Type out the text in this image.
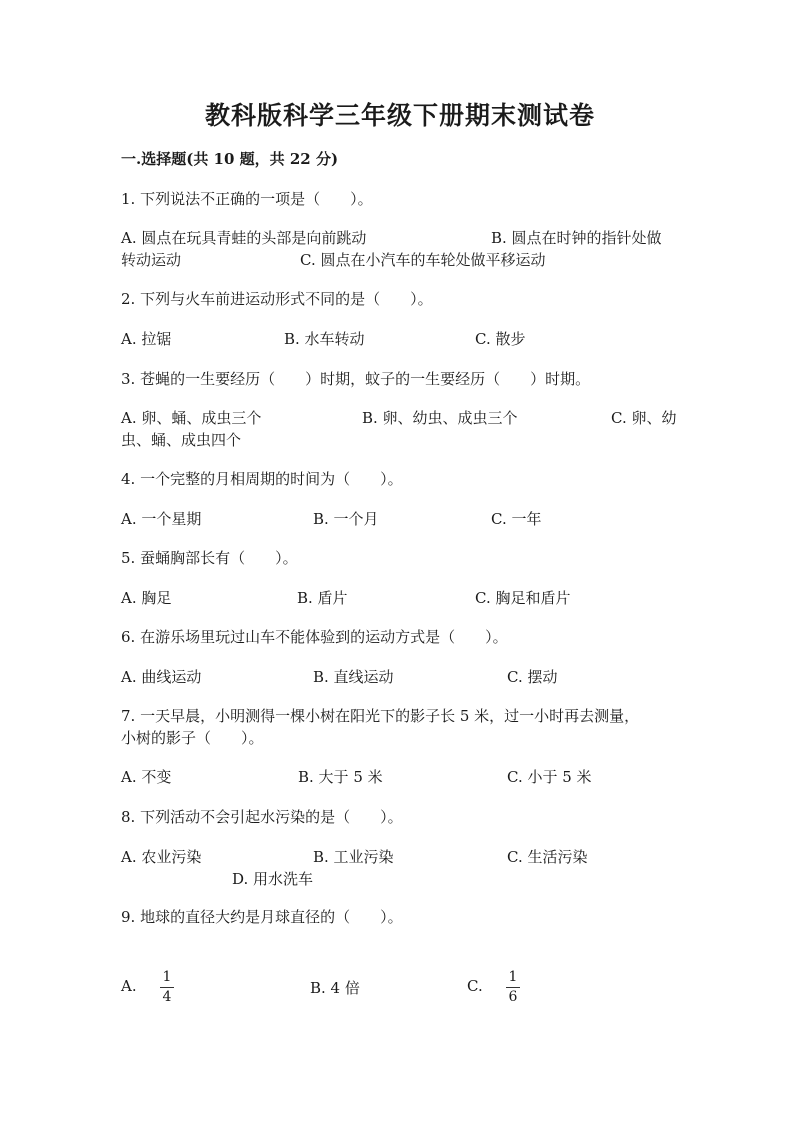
教科版科学三年级下册期末测试卷
一.选择题(共 10 题，共 22 分)
1. 下列说法不正确的一项是（　　）。
A. 圆点在玩具青蛙的头部是向前跳动	B. 圆点在时钟的指针处做
转动运动	C. 圆点在小汽车的车轮处做平移运动
2. 下列与火车前进运动形式不同的是（　　）。
A. 拉锯	B. 水车转动	C. 散步
3. 苍蝇的一生要经历（　　）时期，蚊子的一生要经历（　　）时期。
A. 卵、蛹、成虫三个	B. 卵、幼虫、成虫三个	C. 卵、幼
虫、蛹、成虫四个
4. 一个完整的月相周期的时间为（　　）。
A. 一个星期	B. 一个月	C. 一年
5. 蚕蛹胸部长有（　　）。
A. 胸足	B. 盾片	C. 胸足和盾片
6. 在游乐场里玩过山车不能体验到的运动方式是（　　）。
A. 曲线运动	B. 直线运动	C. 摆动
7. 一天早晨，小明测得一棵小树在阳光下的影子长 5 米，过一小时再去测量，
小树的影子（　　）。
A. 不变	B. 大于 5 米	C. 小于 5 米
8. 下列活动不会引起水污染的是（　　）。
A. 农业污染	B. 工业污染	C. 生活污染
D. 用水洗车
9. 地球的直径大约是月球直径的（　　）。
A. 1
4	B. 4 倍	C. 1
6
